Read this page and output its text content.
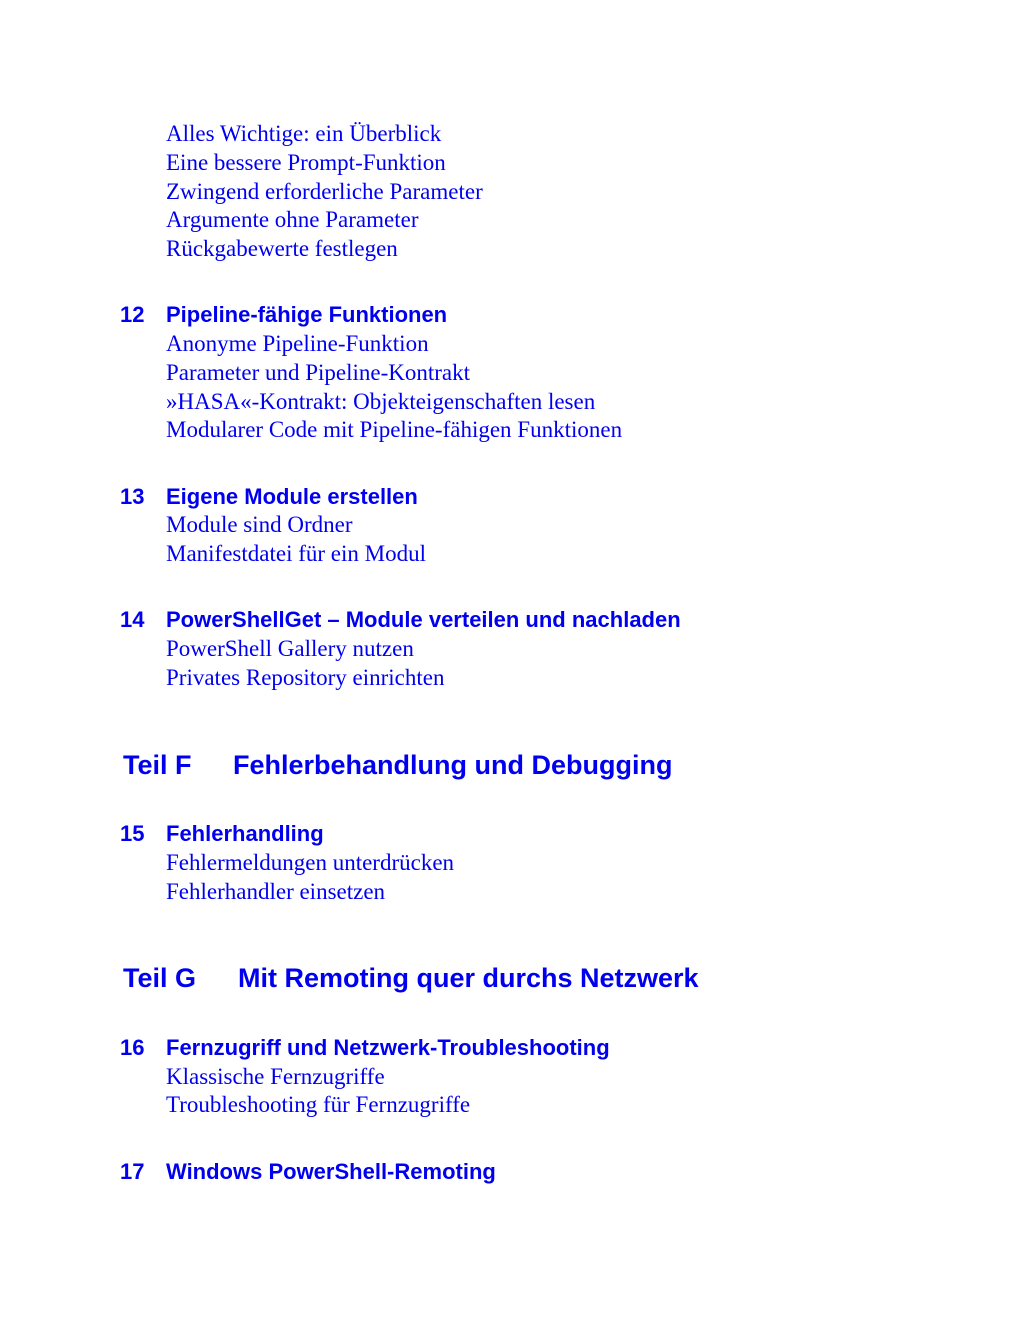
Alles Wichtige: ein Überblick
Eine bessere Prompt-Funktion
Zwingend erforderliche Parameter
Argumente ohne Parameter
Rückgabewerte festlegen
12 Pipeline-fähige Funktionen
Anonyme Pipeline-Funktion
Parameter und Pipeline-Kontrakt
»HASA«-Kontrakt: Objekteigenschaften lesen
Modularer Code mit Pipeline-fähigen Funktionen
13 Eigene Module erstellen
Module sind Ordner
Manifestdatei für ein Modul
14 PowerShellGet – Module verteilen und nachladen
PowerShell Gallery nutzen
Privates Repository einrichten
Teil F Fehlerbehandlung und Debugging
15 Fehlerhandling
Fehlermeldungen unterdrücken
Fehlerhandler einsetzen
Teil G Mit Remoting quer durchs Netzwerk
16 Fernzugriff und Netzwerk-Troubleshooting
Klassische Fernzugriffe
Troubleshooting für Fernzugriffe
17 Windows PowerShell-Remoting
